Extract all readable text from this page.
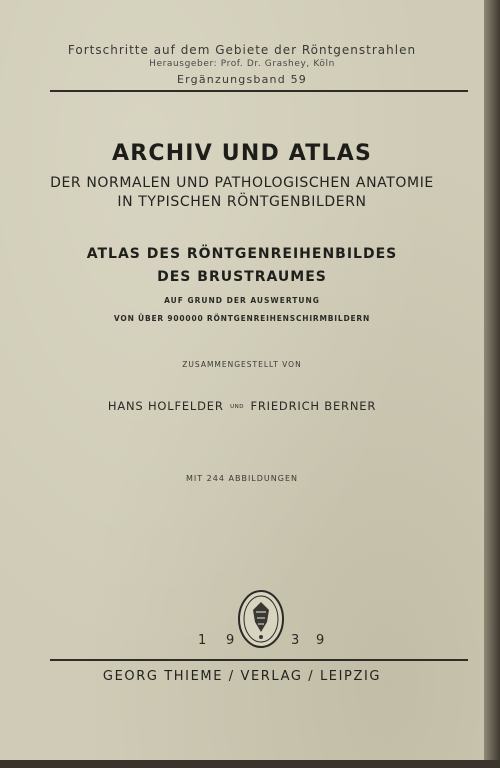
Fortschritte auf dem Gebiete der Röntgenstrahlen
Herausgeber: Prof. Dr. Grashey, Köln
Ergänzungsband 59
ARCHIV UND ATLAS
DER NORMALEN UND PATHOLOGISCHEN ANATOMIE
IN TYPISCHEN RÖNTGENBILDERN
ATLAS DES RÖNTGENREIHENBILDES
DES BRUSTRAUMES
AUF GRUND DER AUSWERTUNG
VON ÜBER 900000 RÖNTGENREIHENSCHIRMBILDERN
ZUSAMMENGESTELLT VON
HANS HOLFELDER UND FRIEDRICH BERNER
MIT 244 ABBILDUNGEN
1 9	3 9
GEORG THIEME / VERLAG / LEIPZIG
